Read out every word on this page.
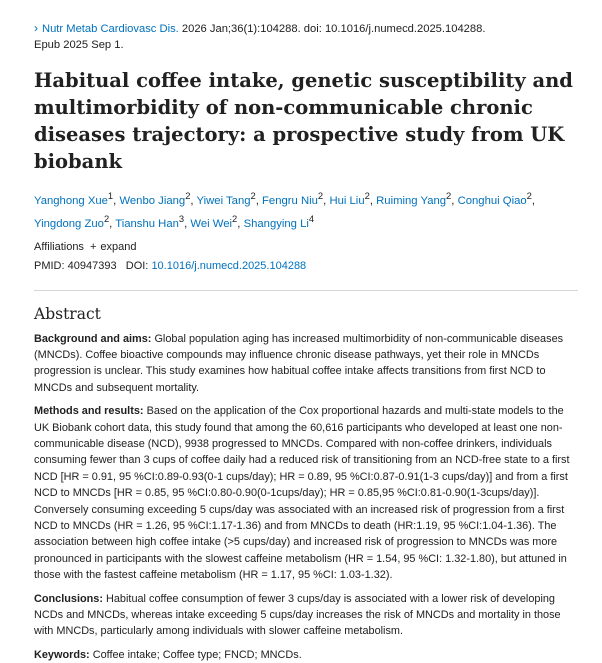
› Nutr Metab Cardiovasc Dis. 2026 Jan;36(1):104288. doi: 10.1016/j.numecd.2025.104288.
Epub 2025 Sep 1.
Habitual coffee intake, genetic susceptibility and multimorbidity of non-communicable chronic diseases trajectory: a prospective study from UK biobank
Yanghong Xue$^1$, Wenbo Jiang$^2$, Yiwei Tang$^2$, Fengru Niu$^2$, Hui Liu$^2$, Ruiming Yang$^2$, Conghui Qiao$^2$, Yingdong Zuo$^2$, Tianshu Han$^3$, Wei Wei$^2$, Shangying Li$^4$
Affiliations + expand
PMID: 40947393 DOI: 10.1016/j.numecd.2025.104288
Abstract

Background and aims: Global population aging has increased multimorbidity of non-communicable diseases (MNCDs). Coffee bioactive compounds may influence chronic disease pathways, yet their role in MNCDs progression is unclear. This study examines how habitual coffee intake affects transitions from first NCD to MNCDs and subsequent mortality.

Methods and results: Based on the application of the Cox proportional hazards and multi-state models to the UK Biobank cohort data, this study found that among the 60,616 participants who developed at least one non-communicable disease (NCD), 9938 progressed to MNCDs. Compared with non-coffee drinkers, individuals consuming fewer than 3 cups of coffee daily had a reduced risk of transitioning from an NCD-free state to a first NCD [HR = 0.91, 95 %CI:0.89-0.93(0-1 cups/day); HR = 0.89, 95 %CI:0.87-0.91(1-3 cups/day)] and from a first NCD to MNCDs [HR = 0.85, 95 %CI:0.80-0.90(0-1cups/day); HR = 0.85,95 %CI:0.81-0.90(1-3cups/day)]. Conversely consuming exceeding 5 cups/day was associated with an increased risk of progression from a first NCD to MNCDs (HR = 1.26, 95 %CI:1.17-1.36) and from MNCDs to death (HR:1.19, 95 %CI:1.04-1.36). The association between high coffee intake (>5 cups/day) and increased risk of progression to MNCDs was more pronounced in participants with the slowest caffeine metabolism (HR = 1.54, 95 %CI: 1.32-1.80), but attuned in those with the fastest caffeine metabolism (HR = 1.17, 95 %CI: 1.03-1.32).

Conclusions: Habitual coffee consumption of fewer 3 cups/day is associated with a lower risk of developing NCDs and MNCDs, whereas intake exceeding 5 cups/day increases the risk of MNCDs and mortality in those with MNCDs, particularly among individuals with slower caffeine metabolism.

Keywords: Coffee intake; Coffee type; FNCD; MNCDs.
